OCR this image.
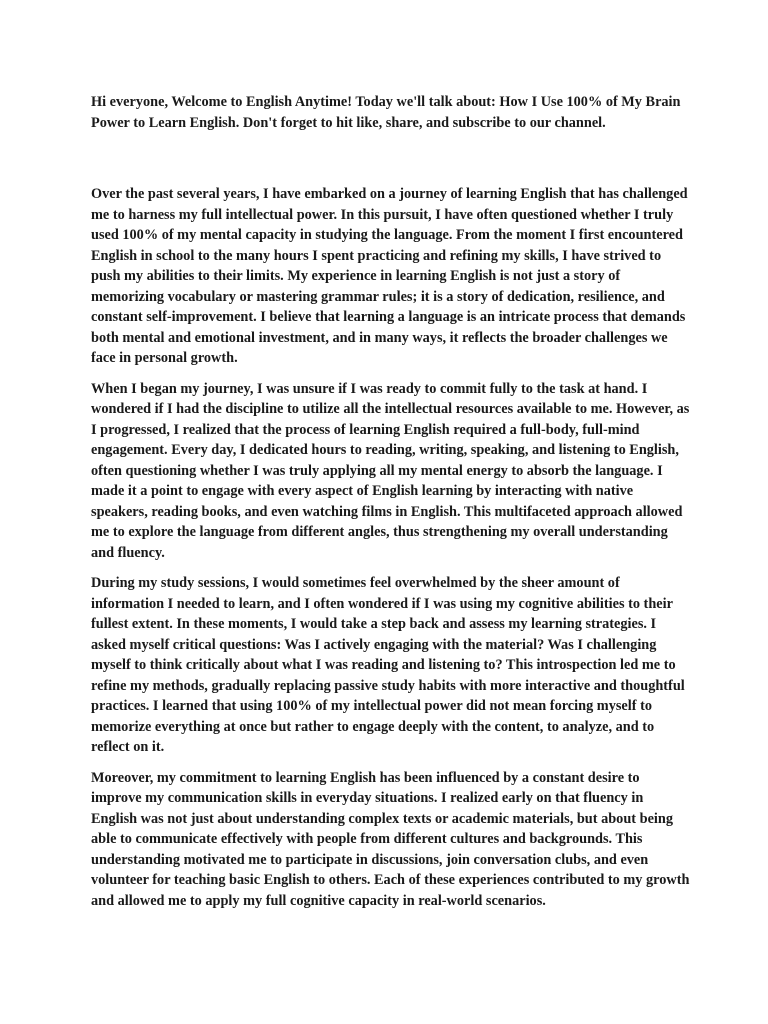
Hi everyone, Welcome to English Anytime! Today we'll talk about: How I Use 100% of My Brain Power to Learn English. Don't forget to hit like, share, and subscribe to our channel.

Over the past several years, I have embarked on a journey of learning English that has challenged me to harness my full intellectual power. In this pursuit, I have often questioned whether I truly used 100% of my mental capacity in studying the language. From the moment I first encountered English in school to the many hours I spent practicing and refining my skills, I have strived to push my abilities to their limits. My experience in learning English is not just a story of memorizing vocabulary or mastering grammar rules; it is a story of dedication, resilience, and constant self-improvement. I believe that learning a language is an intricate process that demands both mental and emotional investment, and in many ways, it reflects the broader challenges we face in personal growth.

When I began my journey, I was unsure if I was ready to commit fully to the task at hand. I wondered if I had the discipline to utilize all the intellectual resources available to me. However, as I progressed, I realized that the process of learning English required a full-body, full-mind engagement. Every day, I dedicated hours to reading, writing, speaking, and listening to English, often questioning whether I was truly applying all my mental energy to absorb the language. I made it a point to engage with every aspect of English learning by interacting with native speakers, reading books, and even watching films in English. This multifaceted approach allowed me to explore the language from different angles, thus strengthening my overall understanding and fluency.

During my study sessions, I would sometimes feel overwhelmed by the sheer amount of information I needed to learn, and I often wondered if I was using my cognitive abilities to their fullest extent. In these moments, I would take a step back and assess my learning strategies. I asked myself critical questions: Was I actively engaging with the material? Was I challenging myself to think critically about what I was reading and listening to? This introspection led me to refine my methods, gradually replacing passive study habits with more interactive and thoughtful practices. I learned that using 100% of my intellectual power did not mean forcing myself to memorize everything at once but rather to engage deeply with the content, to analyze, and to reflect on it.

Moreover, my commitment to learning English has been influenced by a constant desire to improve my communication skills in everyday situations. I realized early on that fluency in English was not just about understanding complex texts or academic materials, but about being able to communicate effectively with people from different cultures and backgrounds. This understanding motivated me to participate in discussions, join conversation clubs, and even volunteer for teaching basic English to others. Each of these experiences contributed to my growth and allowed me to apply my full cognitive capacity in real-world scenarios.
